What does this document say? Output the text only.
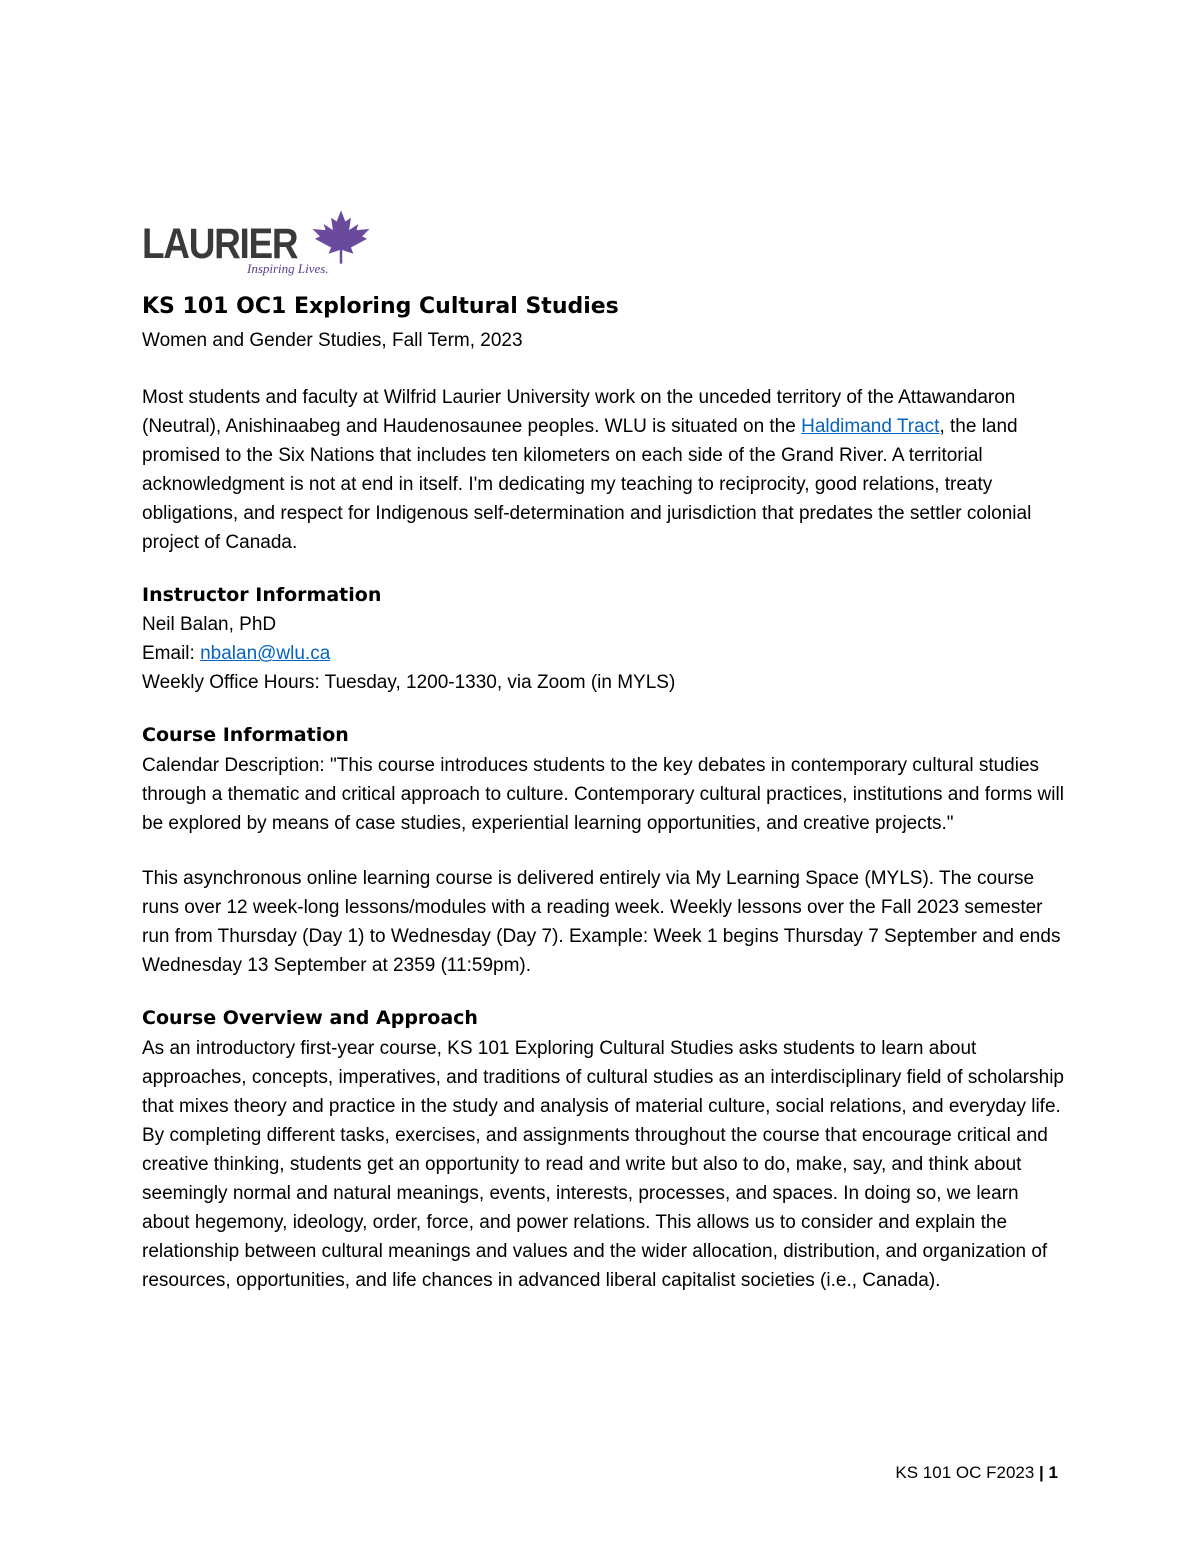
LAURIER
Inspiring Lives.
KS 101 OC1 Exploring Cultural Studies

Women and Gender Studies, Fall Term, 2023

Most students and faculty at Wilfrid Laurier University work on the unceded territory of the Attawandaron (Neutral), Anishinaabeg and Haudenosaunee peoples. WLU is situated on the Haldimand Tract, the land promised to the Six Nations that includes ten kilometers on each side of the Grand River. A territorial acknowledgment is not at end in itself. I'm dedicating my teaching to reciprocity, good relations, treaty obligations, and respect for Indigenous self-determination and jurisdiction that predates the settler colonial project of Canada.

Instructor Information

Neil Balan, PhD

Email: nbalan@wlu.ca

Weekly Office Hours: Tuesday, 1200-1330, via Zoom (in MYLS)

Course Information

Calendar Description: "This course introduces students to the key debates in contemporary cultural studies through a thematic and critical approach to culture. Contemporary cultural practices, institutions and forms will be explored by means of case studies, experiential learning opportunities, and creative projects."

This asynchronous online learning course is delivered entirely via My Learning Space (MYLS). The course runs over 12 week-long lessons/modules with a reading week. Weekly lessons over the Fall 2023 semester run from Thursday (Day 1) to Wednesday (Day 7). Example: Week 1 begins Thursday 7 September and ends Wednesday 13 September at 2359 (11:59pm).

Course Overview and Approach

As an introductory first-year course, KS 101 Exploring Cultural Studies asks students to learn about approaches, concepts, imperatives, and traditions of cultural studies as an interdisciplinary field of scholarship that mixes theory and practice in the study and analysis of material culture, social relations, and everyday life. By completing different tasks, exercises, and assignments throughout the course that encourage critical and creative thinking, students get an opportunity to read and write but also to do, make, say, and think about seemingly normal and natural meanings, events, interests, processes, and spaces. In doing so, we learn about hegemony, ideology, order, force, and power relations. This allows us to consider and explain the relationship between cultural meanings and values and the wider allocation, distribution, and organization of resources, opportunities, and life chances in advanced liberal capitalist societies (i.e., Canada).

KS 101 OC F2023 | 1
